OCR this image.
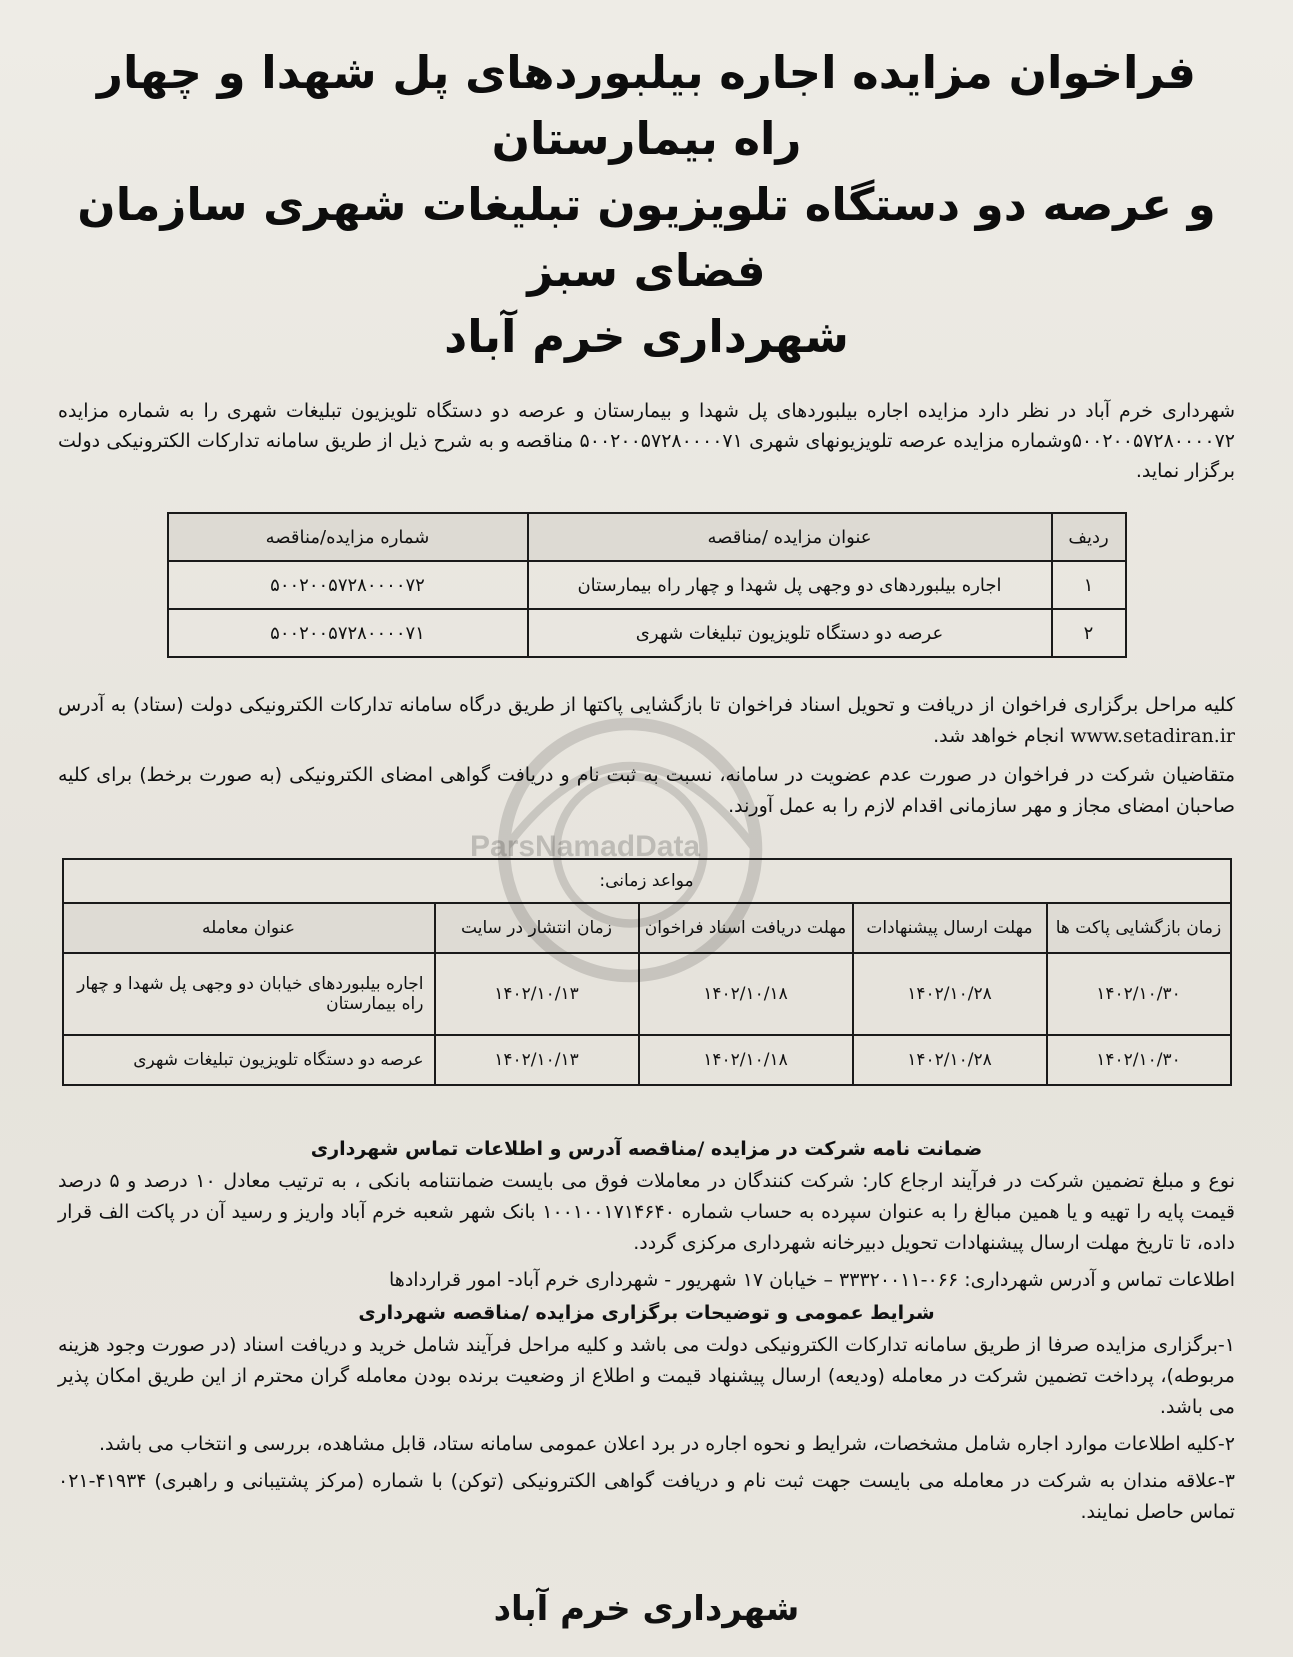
فراخوان مزایده اجاره بیلبوردهای پل شهدا و چهار راه بیمارستان
و عرصه دو دستگاه تلویزیون تبلیغات شهری سازمان فضای سبز
شهرداری خرم آباد

شهرداری خرم آباد در نظر دارد مزایده اجاره بیلبوردهای پل شهدا و بیمارستان و عرصه دو دستگاه تلویزیون تبلیغات شهری را به شماره مزایده ۵۰۰۲۰۰۵۷۲۸۰۰۰۰۷۲وشماره مزایده عرصه تلویزیونهای شهری ۵۰۰۲۰۰۵۷۲۸۰۰۰۰۷۱ مناقصه و به شرح ذیل از طریق سامانه تدارکات الکترونیکی دولت برگزار نماید.

ردیف	عنوان مزایده /مناقصه	شماره مزایده/مناقصه
۱	اجاره بیلبوردهای دو وجهی پل شهدا و چهار راه بیمارستان	۵۰۰۲۰۰۵۷۲۸۰۰۰۰۷۲
۲	عرصه دو دستگاه تلویزیون تبلیغات شهری	۵۰۰۲۰۰۵۷۲۸۰۰۰۰۷۱

کلیه مراحل برگزاری فراخوان از دریافت و تحویل اسناد فراخوان تا بازگشایی پاکتها از طریق درگاه سامانه تدارکات الکترونیکی دولت (ستاد) به آدرس www.setadiran.ir انجام خواهد شد.

متقاضیان شرکت در فراخوان در صورت عدم عضویت در سامانه، نسبت به ثبت نام و دریافت گواهی امضای الکترونیکی (به صورت برخط) برای کلیه صاحبان امضای مجاز و مهر سازمانی اقدام لازم را به عمل آورند.

مواعد زمانی:				
زمان بازگشایی پاکت ها	مهلت ارسال پیشنهادات	مهلت دریافت اسناد فراخوان	زمان انتشار در سایت	عنوان معامله
۱۴۰۲/۱۰/۳۰	۱۴۰۲/۱۰/۲۸	۱۴۰۲/۱۰/۱۸	۱۴۰۲/۱۰/۱۳	اجاره بیلبوردهای خیابان دو وجهی پل شهدا و چهار راه بیمارستان
۱۴۰۲/۱۰/۳۰	۱۴۰۲/۱۰/۲۸	۱۴۰۲/۱۰/۱۸	۱۴۰۲/۱۰/۱۳	عرصه دو دستگاه تلویزیون تبلیغات شهری
ضمانت نامه شرکت در مزایده /مناقصه آدرس و اطلاعات تماس شهرداری

نوع و مبلغ تضمین شرکت در فرآیند ارجاع کار: شرکت کنندگان در معاملات فوق می بایست ضمانتنامه بانکی ، به ترتیب معادل ۱۰ درصد و ۵ درصد قیمت پایه را تهیه و یا همین مبالغ را به عنوان سپرده به حساب شماره ۱۰۰۱۰۰۱۷۱۴۶۴۰ بانک شهر شعبه خرم آباد واریز و رسید آن در پاکت الف قرار داده، تا تاریخ مهلت ارسال پیشنهادات تحویل دبیرخانه شهرداری مرکزی گردد.

اطلاعات تماس و آدرس شهرداری: ۰۶۶-۳۳۳۲۰۰۱۱ – خیابان ۱۷ شهریور - شهرداری خرم آباد- امور قراردادها

شرایط عمومی و توضیحات برگزاری مزایده /مناقصه شهرداری

۱-برگزاری مزایده صرفا از طریق سامانه تدارکات الکترونیکی دولت می باشد و کلیه مراحل فرآیند شامل خرید و دریافت اسناد (در صورت وجود هزینه مربوطه)، پرداخت تضمین شرکت در معامله (ودیعه) ارسال پیشنهاد قیمت و اطلاع از وضعیت برنده بودن معامله گران محترم از این طریق امکان پذیر می باشد.

۲-کلیه اطلاعات موارد اجاره شامل مشخصات، شرایط و نحوه اجاره در برد اعلان عمومی سامانه ستاد، قابل مشاهده، بررسی و انتخاب می باشد.

۳-علاقه مندان به شرکت در معامله می بایست جهت ثبت نام و دریافت گواهی الکترونیکی (توکن) با شماره (مرکز پشتیبانی و راهبری) ۴۱۹۳۴-۰۲۱ تماس حاصل نمایند.

ParsNamadData
شهرداری خرم آباد
